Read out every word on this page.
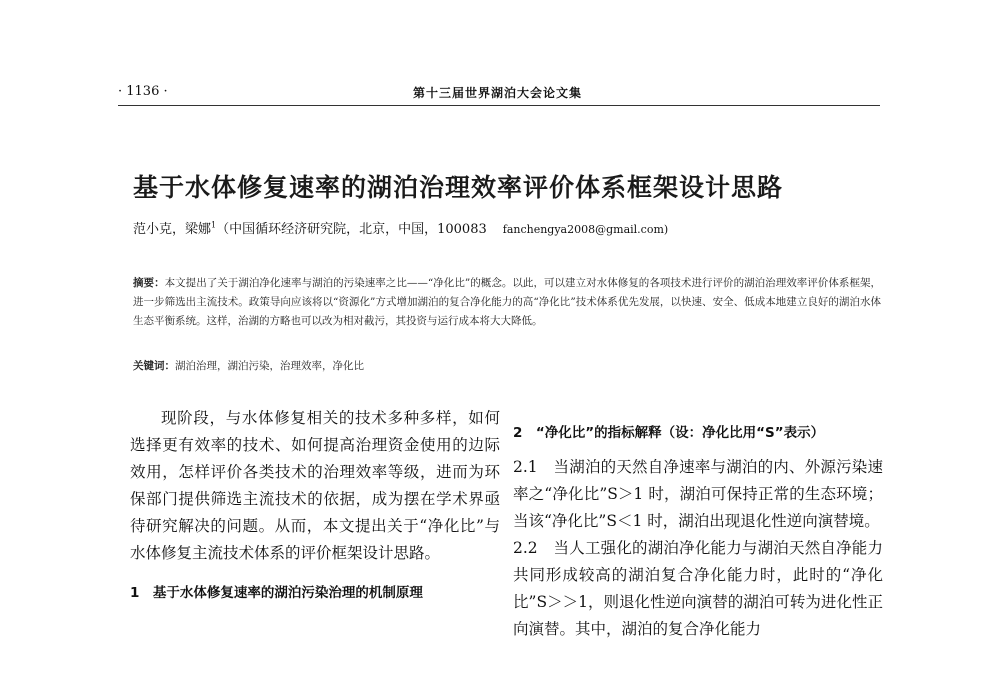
· 1136 ·	第十三届世界湖泊大会论文集
基于水体修复速率的湖泊治理效率评价体系框架设计思路
范小克，梁娜$^1$（中国循环经济研究院，北京，中国，100083 fanchengya2008@gmail.com)
摘要：本文提出了关于湖泊净化速率与湖泊的污染速率之比——“净化比”的概念。以此，可以建立对水体修复的各项技术进行评价的湖泊治理效率评价体系框架，进一步筛选出主流技术。政策导向应该将以“资源化”方式增加湖泊的复合净化能力的高“净化比”技术体系优先发展，以快速、安全、低成本地建立良好的湖泊水体生态平衡系统。这样，治湖的方略也可以改为相对截污，其投资与运行成本将大大降低。
关键词：湖泊治理，湖泊污染，治理效率，净化比

现阶段，与水体修复相关的技术多种多样，如何选择更有效率的技术、如何提高治理资金使用的边际效用，怎样评价各类技术的治理效率等级，进而为环保部门提供筛选主流技术的依据，成为摆在学术界亟待研究解决的问题。从而，本文提出关于“净化比”与水体修复主流技术体系的评价框架设计思路。

1　基于水体修复速率的湖泊污染治理的机制原理
2　“净化比”的指标解释（设：净化比用“S”表示）

2.1　当湖泊的天然自净速率与湖泊的内、外源污染速率之“净化比”S＞1 时，湖泊可保持正常的生态环境；当该“净化比”S＜1 时，湖泊出现退化性逆向演替境。

2.2　当人工强化的湖泊净化能力与湖泊天然自净能力共同形成较高的湖泊复合净化能力时，此时的“净化比”S＞＞1，则退化性逆向演替的湖泊可转为进化性正向演替。其中，湖泊的复合净化能力
